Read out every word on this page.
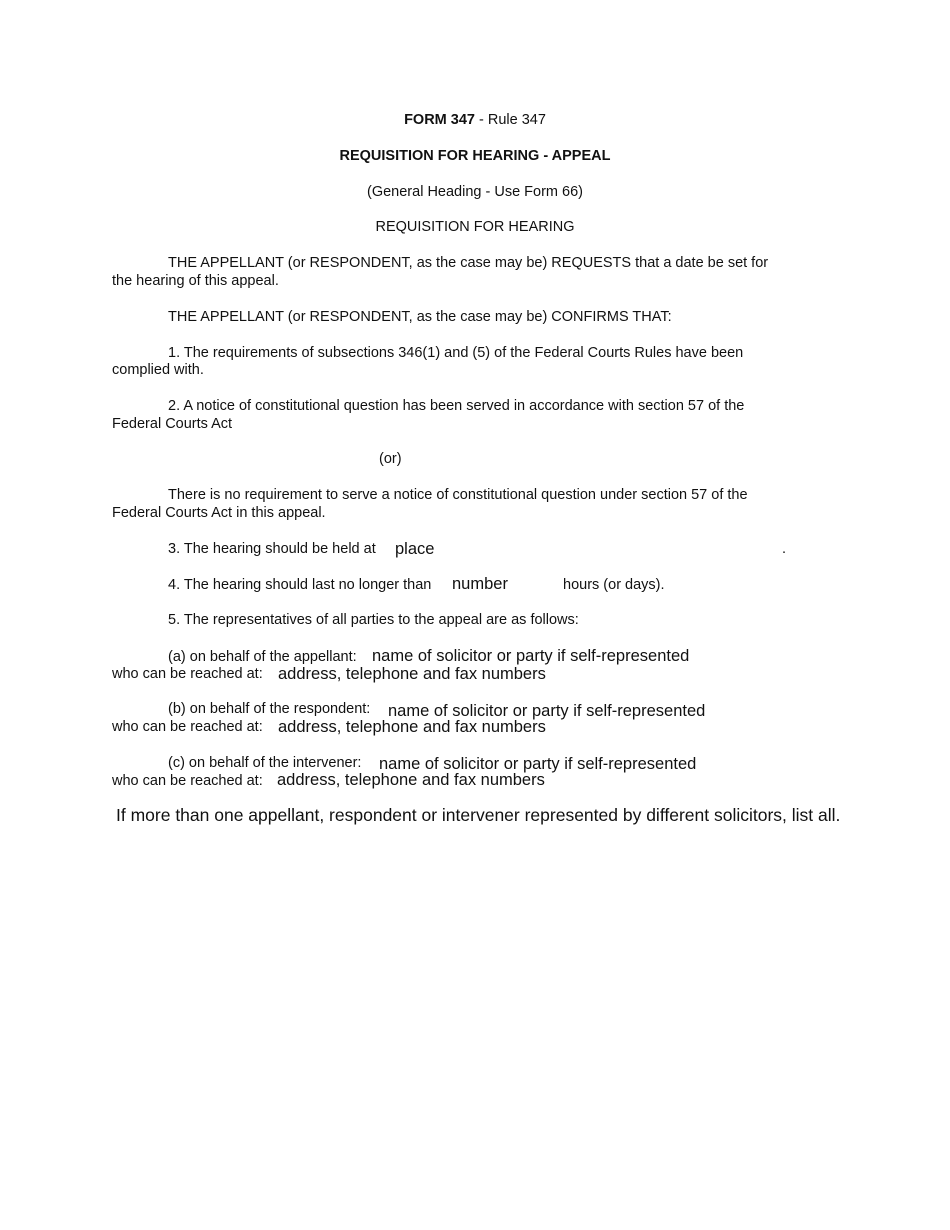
FORM 347 - Rule 347
REQUISITION FOR HEARING - APPEAL
(General Heading - Use Form 66)
REQUISITION FOR HEARING
THE APPELLANT (or RESPONDENT, as the case may be) REQUESTS that a date be set for
the hearing of this appeal.
THE APPELLANT (or RESPONDENT, as the case may be) CONFIRMS THAT:
1. The requirements of subsections 346(1) and (5) of the Federal Courts Rules have been
complied with.
2. A notice of constitutional question has been served in accordance with section 57 of the
Federal Courts Act
(or)
There is no requirement to serve a notice of constitutional question under section 57 of the
Federal Courts Act in this appeal.
3. The hearing should be held at place	.
4. The hearing should last no longer than number	hours (or days).
5. The representatives of all parties to the appeal are as follows:
(a) on behalf of the appellant: name of solicitor or party if self-represented
who can be reached at: address, telephone and fax numbers
(b) on behalf of the respondent: name of solicitor or party if self-represented
who can be reached at: address, telephone and fax numbers
(c) on behalf of the intervener: name of solicitor or party if self-represented
who can be reached at: address, telephone and fax numbers
If more than one appellant, respondent or intervener represented by different solicitors, list all.
